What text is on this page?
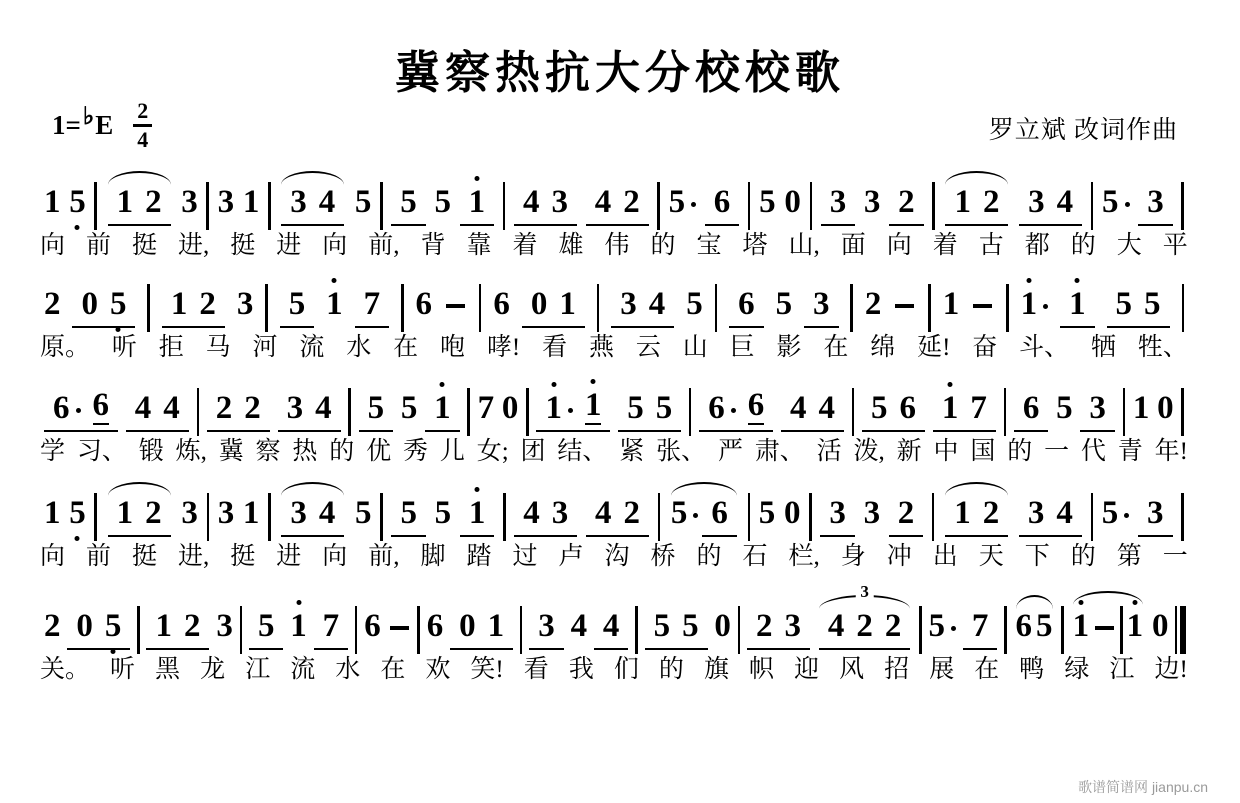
冀察热抗大分校校歌
1= ♭ E 2
4	罗立斌 改词作曲
1 5 1 2 3 3 1 3 4 5 5 5 1 4 3 4 2 5 6 5 0 3 3 2 1 2 3 4 5 3
向 前 挺 进, 挺 进 向 前, 背 靠 着 雄 伟 的 宝 塔 山, 面 向 着 古 都 的 大 平
2 0 5 1 2 3 5 1 7 6 6 0 1 3 4 5 6 5 3 2 1 1 1 5 5
原。 听 拒 马 河 流 水 在 咆 哮! 看 燕 云 山 巨 影 在 绵 延! 奋 斗、 牺 牲、
6 6 4 4 2 2 3 4 5 5 1 7 0 1 1 5 5 6 6 4 4 5 6 1 7 6 5 3 1 0
学 习、 锻 炼, 冀 察 热 的 优 秀 儿 女; 团 结、 紧 张、 严 肃、 活 泼, 新 中 国 的 一 代 青 年!
1 5 1 2 3 3 1 3 4 5 5 5 1 4 3 4 2 5 6 5 0 3 3 2 1 2 3 4 5 3
向 前 挺 进, 挺 进 向 前, 脚 踏 过 卢 沟 桥 的 石 栏, 身 冲 出 天 下 的 第 一
2 0 5 1 2 3 5 1 7 6 6 0 1 3 4 4 5 5 0 2 3
3
4 2 2 5 7 6 5 1 1 0
关。 听 黑 龙 江 流 水 在 欢 笑! 看 我 们 的 旗 帜 迎 风 招 展 在 鸭 绿 江 边!
歌谱简谱网 jianpu.cn
